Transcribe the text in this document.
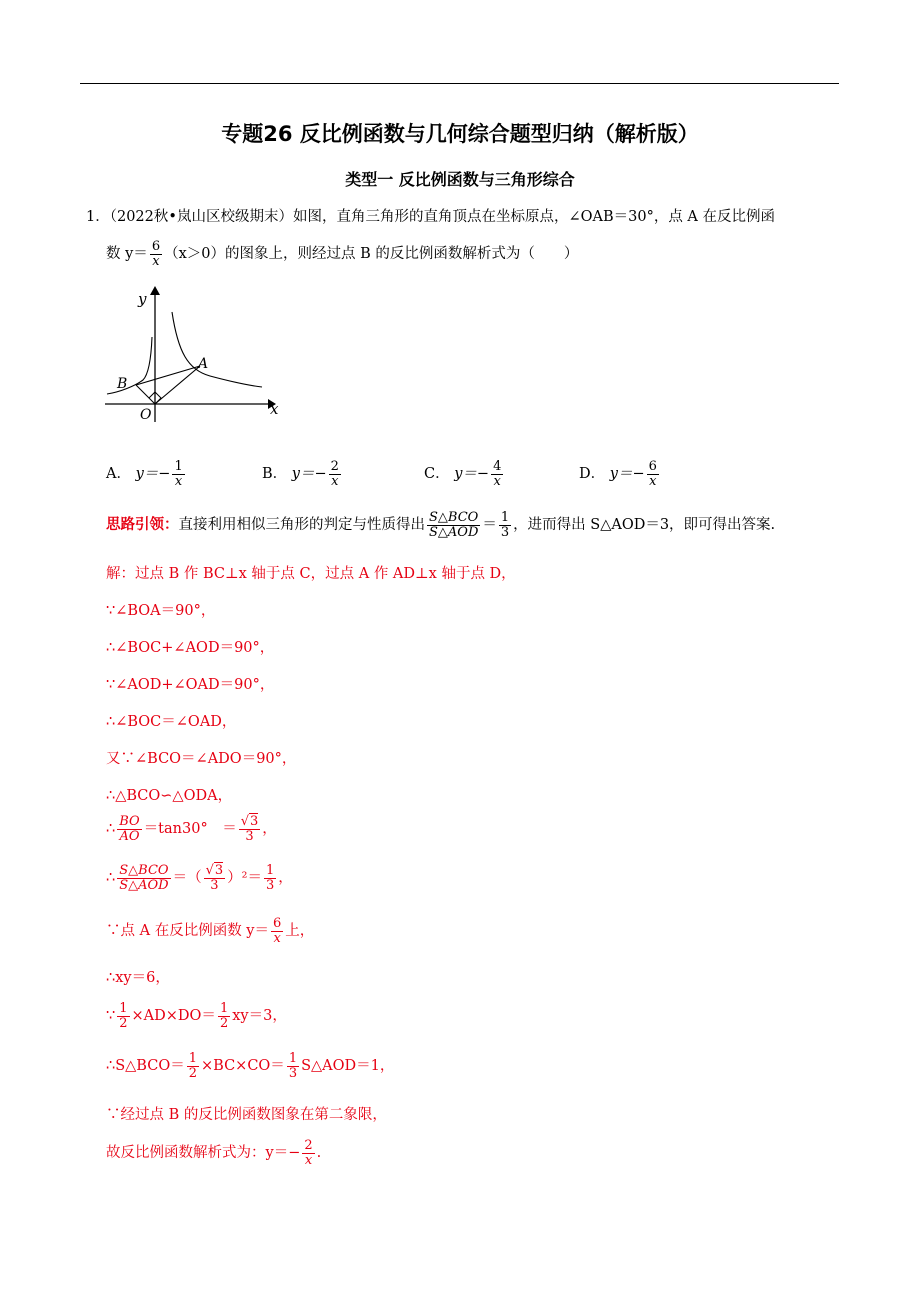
专题26 反比例函数与几何综合题型归纳（解析版）
类型一 反比例函数与三角形综合
1．（2022秋•岚山区校级期末）如图，直角三角形的直角顶点在坐标原点，∠OAB＝30°，点 A 在反比例函
数 $y= \frac{6}{x} (x>0)$的图象上，则经过点 B 的反比例函数解析式为（　　）
y
x
O
A
B
A． $y=- \frac{1}{x}$	B． $y=- \frac{2}{x}$	C． $y=- \frac{4}{x}$	D． $y=- \frac{6}{x}$
思路引领：直接利用相似三角形的判定与性质得出 $\frac{\text{S△BCO}}{\text{S△AOD}} = \frac{1}{3}$ ，进而得出 S△AOD＝3，即可得出答案.
解：过点 B 作 BC⊥x 轴于点 C，过点 A 作 AD⊥x 轴于点 D，
∵∠BOA＝90°，
∴∠BOC+∠AOD＝90°，
∵∠AOD+∠OAD＝90°，
∴∠BOC＝∠OAD，
又∵∠BCO＝∠ADO＝90°，
∴△BCO∽△ODA，
∴ $\frac{BO}{AO} =\tan 30^\circ$　＝ $\frac{√3}{3}$ ，
∴ $\frac{\text{S△BCO}}{\text{S△AOD}}$ ＝（ $\frac{√3}{3} )^2= \frac{1}{3}$ ，
∵点 A 在反比例函数 $y= \frac{6}{x}$ 上，
∴xy＝6，
∵ $\frac{1}{2} \times AD\times DO= \frac{1}{2} xy=3$，
∴S△BCO＝ $\frac{1}{2} \times BC\times CO= \frac{1}{3}$ S△AOD＝1，
∵经过点 B 的反比例函数图象在第二象限，
故反比例函数解析式为：$y=- \frac{2}{x}$ .
